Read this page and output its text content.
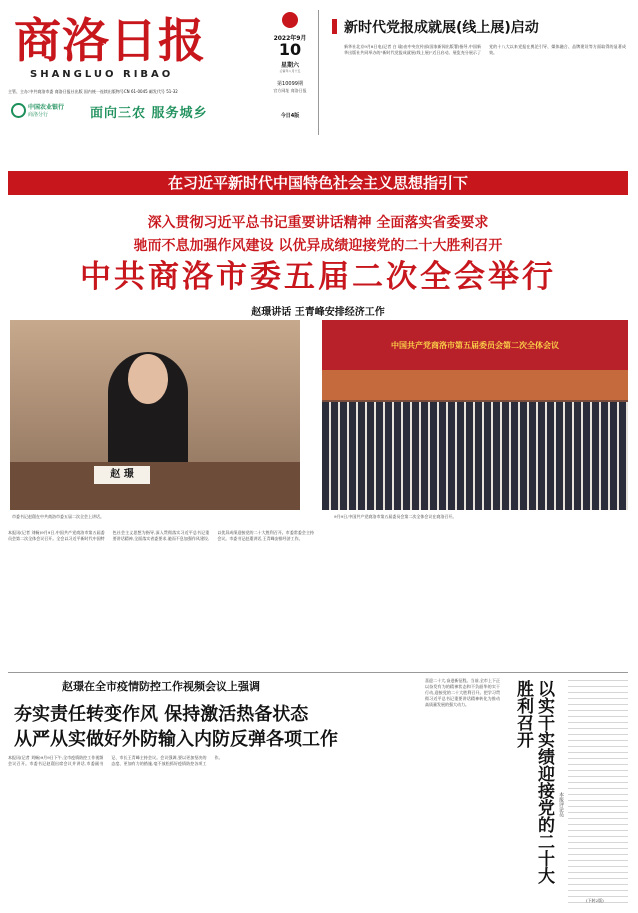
商洛日报
SHANGLUO RIBAO
主管、主办:中共商洛市委 商洛日报社出版 国内统一连续出版物号CN 61-0045 邮发代号 51-32
中国农业银行
商洛分行	面向三农 服务城乡
2022年9月
10
星期六
壬寅年八月十五
第10099期
官方网址 商洛日报
今日4版
新时代党报成就展(线上展)启动
新华社北京9月8日电(记者 白 瑜)由中央宣传部(国家新闻出版署)指导,中国新华出版社共同举办的"新时代党报成就展(线上展)"近日启动。展览充分展示了党的十八大以来党报在舆论引导、媒体融合、品牌建设等方面取得的显著成效。
在习近平新时代中国特色社会主义思想指引下
深入贯彻习近平总书记重要讲话精神 全面落实省委要求
驰而不息加强作风建设 以优异成绩迎接党的二十大胜利召开
中共商洛市委五届二次全会举行
赵璟讲话 王青峰安排经济工作
赵 璟
市委书记赵璟在中共商洛市委五届二次全会上讲话。
中国共产党商洛市第五届委员会第二次全体会议
9月9日,中国共产党商洛市第五届委员会第二次全体会议在商洛召开。
本报讯(记者 刘畅)9月9日,中国共产党商洛市第五届委员会第二次全体会议召开。全会以习近平新时代中国特色社会主义思想为指导,深入贯彻落实习近平总书记重要讲话精神,全面落实省委要求,驰而不息加强作风建设,以优异成绩迎接党的二十大胜利召开。市委常委会主持会议。市委书记赵璟讲话,王青峰安排经济工作。
赵璟在全市疫情防控工作视频会议上强调
夯实责任转变作风 保持激活热备状态
从严从实做好外防输入内防反弹各项工作
本报讯(记者 刘畅)9月9日下午,全市疫情防控工作视频会议召开。市委书记赵璟出席会议并讲话,市委副书记、市长王青峰主持会议。会议强调,要以更加坚决的态度、更加有力的措施,毫不放松抓好疫情防控各项工作。
喜迎二十大,奋进新征程。当前,全市上下正以奋发有为的精神状态和不负韶华的实干行动,迎接党的二十大胜利召开。把学习贯彻习近平总书记重要讲话精神转化为推动高质量发展的强大动力。	以实干实绩迎接党的二十大胜利召开
本报评论员
(下转2版)
